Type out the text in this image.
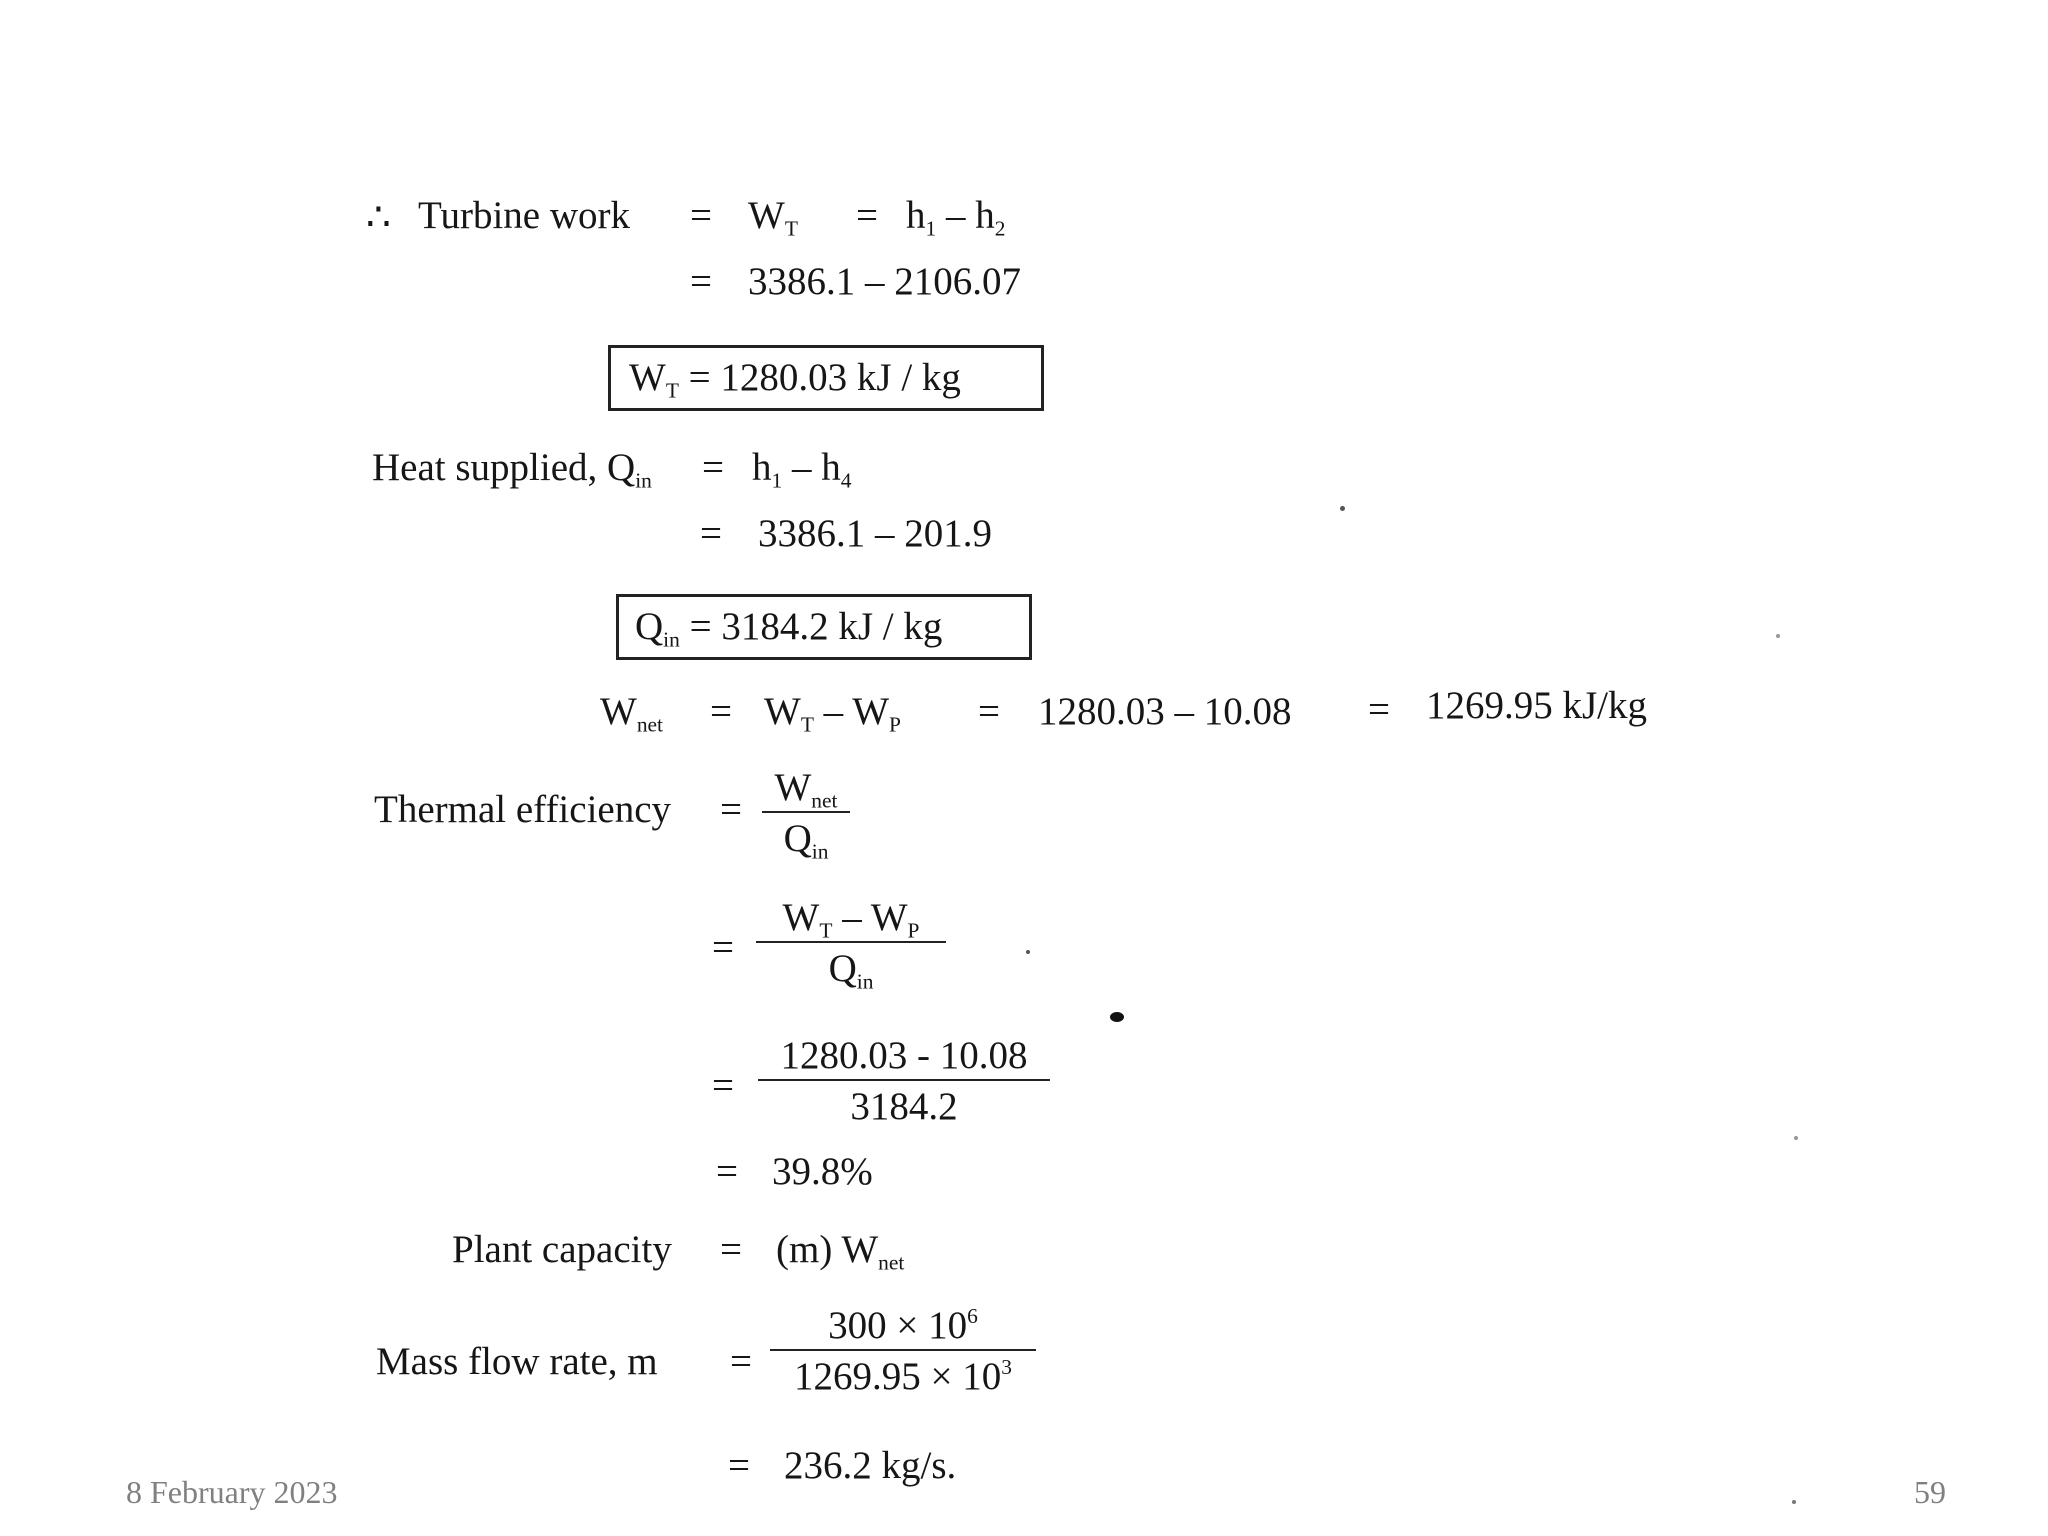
∴ Turbine work = $W_T = h_1 - h_2$
= 3386.1 – 2106.07
$W_T = 1280.03$ kJ / kg
Heat supplied, $Q_{in} = h_1 - h_4$
= 3386.1 – 201.9
$Q_{in} = 3184.2$ kJ / kg
$W_{net} = W_T - W_P = 1280.03 - 10.08 = 1269.95$ kJ/kg
Thermal efficiency =
$W_{net}$
$Q_{in}$
=
$W_T - W_P$
$Q_{in}$
=
1280.03 - 10.08
3184.2
= 39.8%
Plant capacity = (m) $W_{net}$
Mass flow rate, m =
$300 \times 10^6$
$1269.95 \times 10^3$
= 236.2 kg/s.
8 February 2023	59
